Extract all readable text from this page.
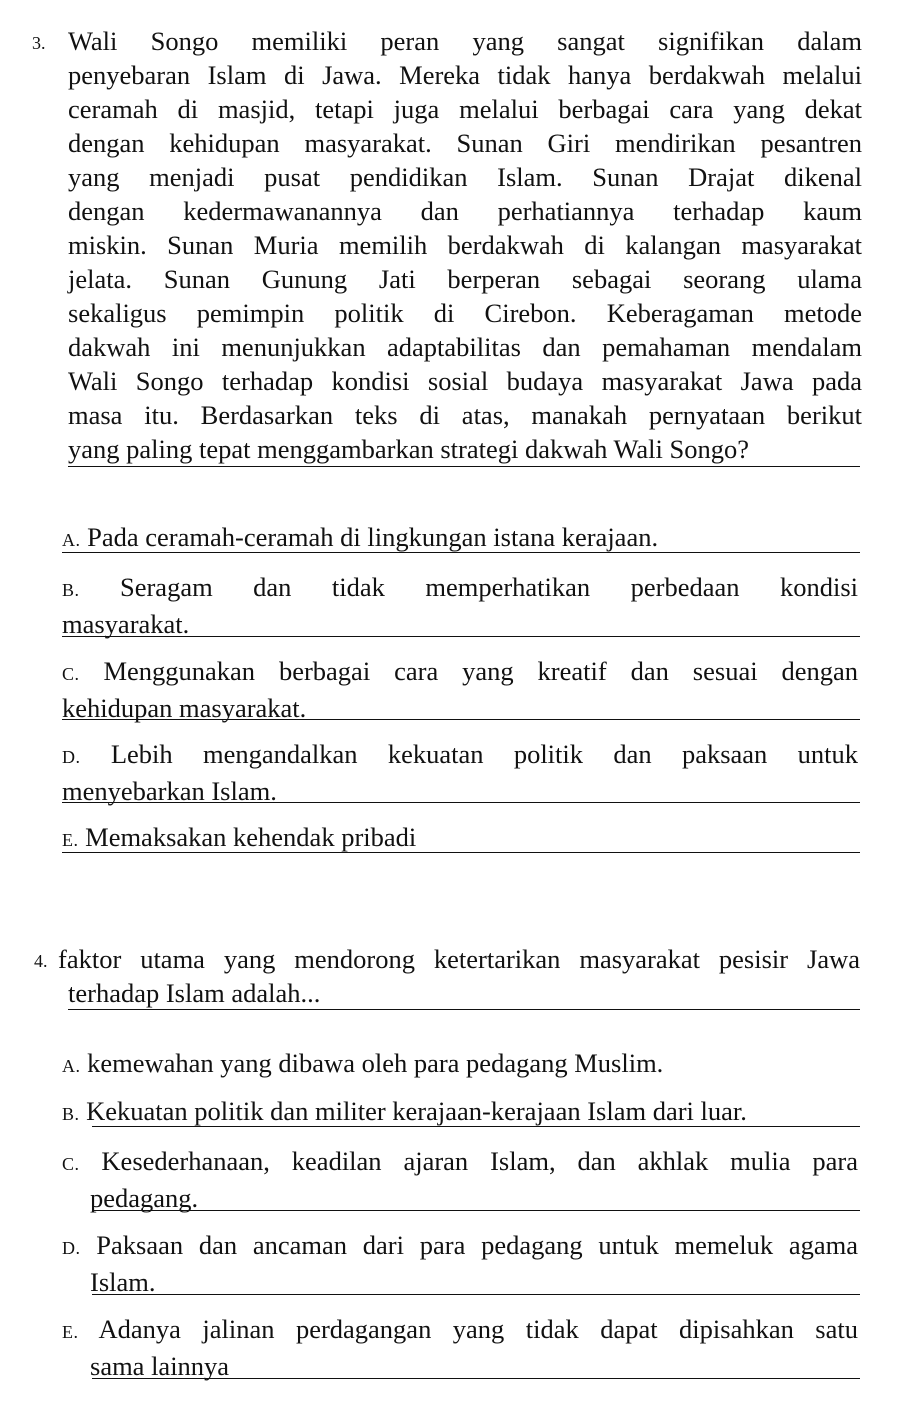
3. Wali Songo memiliki peran yang sangat signifikan dalam
penyebaran Islam di Jawa. Mereka tidak hanya berdakwah melalui
ceramah di masjid, tetapi juga melalui berbagai cara yang dekat
dengan kehidupan masyarakat. Sunan Giri mendirikan pesantren
yang menjadi pusat pendidikan Islam. Sunan Drajat dikenal
dengan kedermawanannya dan perhatiannya terhadap kaum
miskin. Sunan Muria memilih berdakwah di kalangan masyarakat
jelata. Sunan Gunung Jati berperan sebagai seorang ulama
sekaligus pemimpin politik di Cirebon. Keberagaman metode
dakwah ini menunjukkan adaptabilitas dan pemahaman mendalam
Wali Songo terhadap kondisi sosial budaya masyarakat Jawa pada
masa itu. Berdasarkan teks di atas, manakah pernyataan berikut
yang paling tepat menggambarkan strategi dakwah Wali Songo?
A. Pada ceramah-ceramah di lingkungan istana kerajaan.
B. Seragam dan tidak memperhatikan perbedaan kondisi
masyarakat.
C. Menggunakan berbagai cara yang kreatif dan sesuai dengan
kehidupan masyarakat.
D. Lebih mengandalkan kekuatan politik dan paksaan untuk
menyebarkan Islam.
E. Memaksakan kehendak pribadi
4. faktor utama yang mendorong ketertarikan masyarakat pesisir Jawa
terhadap Islam adalah...
A. kemewahan yang dibawa oleh para pedagang Muslim.
B. Kekuatan politik dan militer kerajaan-kerajaan Islam dari luar.
C. Kesederhanaan, keadilan ajaran Islam, dan akhlak mulia para
pedagang.
D. Paksaan dan ancaman dari para pedagang untuk memeluk agama
Islam.
E. Adanya jalinan perdagangan yang tidak dapat dipisahkan satu
sama lainnya
